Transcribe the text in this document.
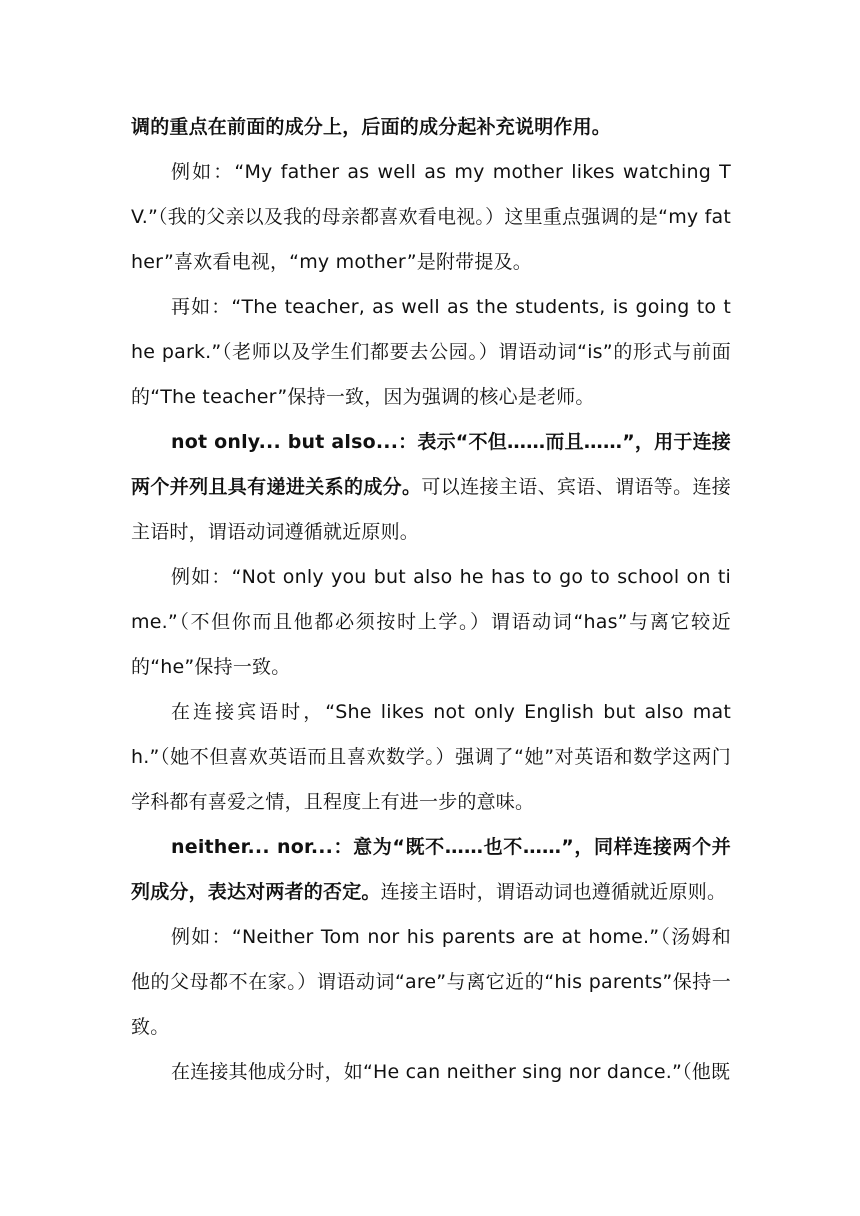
调的重点在前面的成分上，后面的成分起补充说明作用。

例如：“My father as well as my mother likes watching TV.”（我的父亲以及我的母亲都喜欢看电视。）这里重点强调的是“my father”喜欢看电视，“my mother”是附带提及。

再如：“The teacher, as well as the students, is going to the park.”（老师以及学生们都要去公园。）谓语动词“is”的形式与前面的“The teacher”保持一致，因为强调的核心是老师。

not only... but also...：表示“不但……而且……”，用于连接两个并列且具有递进关系的成分。可以连接主语、宾语、谓语等。连接主语时，谓语动词遵循就近原则。

例如：“Not only you but also he has to go to school on time.”（不但你而且他都必须按时上学。）谓语动词“has”与离它较近的“he”保持一致。

在连接宾语时，“She likes not only English but also math.”（她不但喜欢英语而且喜欢数学。）强调了“她”对英语和数学这两门学科都有喜爱之情，且程度上有进一步的意味。

neither... nor...：意为“既不……也不……”，同样连接两个并列成分，表达对两者的否定。连接主语时，谓语动词也遵循就近原则。

例如：“Neither Tom nor his parents are at home.”（汤姆和他的父母都不在家。）谓语动词“are”与离它近的“his parents”保持一致。

在连接其他成分时，如“He can neither sing nor dance.”（他既
